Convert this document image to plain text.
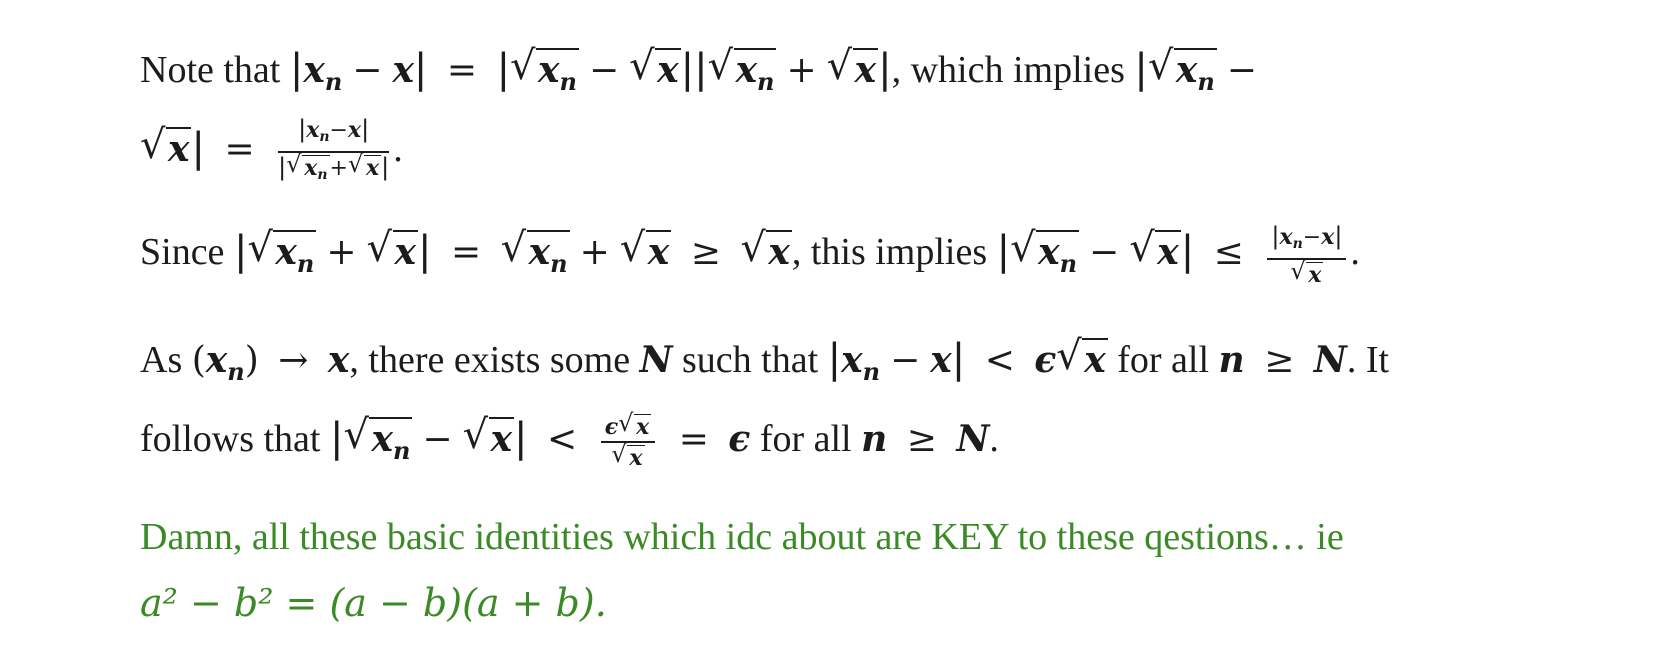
Note that $|x_n - x|$ = |√ $x_n$ −√ x||√ $x_n$ +√ x|, which implies |√ $x_n$ −
√ $x| = \frac{|x_n-x|}{|√ x_n+√ x|}$ .

Since |√ $x_n$ +√ x| = √ $x_n$ +√ x ≥ √ x, this implies |√ $x_n$ −√ $x| \le |x_n-x|$
√ x .

As $(x_n) \to x$, there exists some N such that $|x_n - x| < \epsilon√$ x for all n ≥ N. It
follows that |√ $x_n$ −√ x| < ϵ√ x
√ x = ϵ for all n ≥ N.

Damn, all these basic identities which idc about are KEY to these qestions… ie
a² − b² = (a − b)(a + b).
